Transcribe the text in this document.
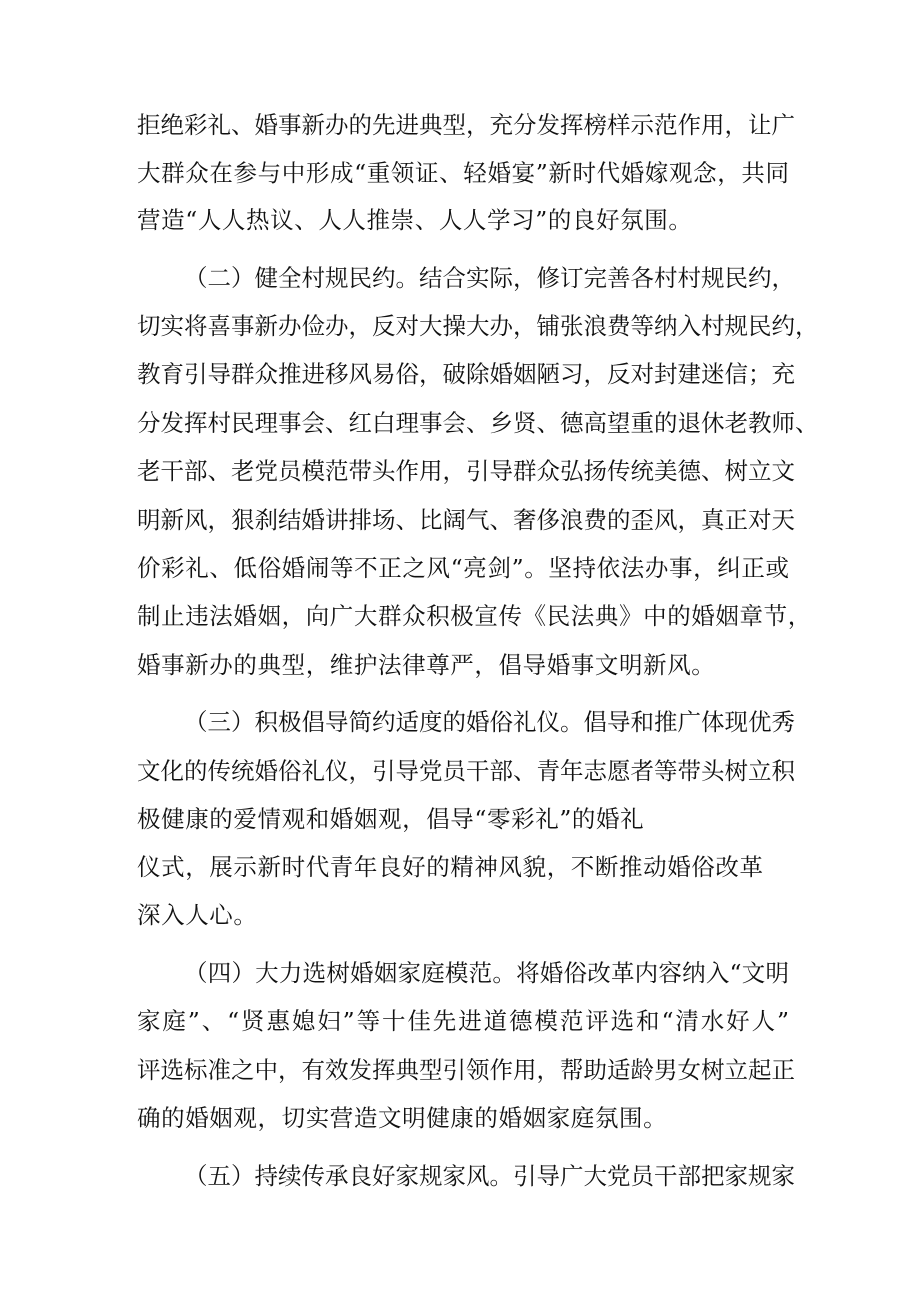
拒绝彩礼、婚事新办的先进典型，充分发挥榜样示范作用，让广
大群众在参与中形成“重领证、轻婚宴”新时代婚嫁观念，共同
营造“人人热议、人人推崇、人人学习”的良好氛围。
（二）健全村规民约。结合实际，修订完善各村村规民约，
切实将喜事新办俭办，反对大操大办，铺张浪费等纳入村规民约，
教育引导群众推进移风易俗，破除婚姻陋习，反对封建迷信；充
分发挥村民理事会、红白理事会、乡贤、德高望重的退休老教师、
老干部、老党员模范带头作用，引导群众弘扬传统美德、树立文
明新风，狠刹结婚讲排场、比阔气、奢侈浪费的歪风，真正对天
价彩礼、低俗婚闹等不正之风“亮剑”。坚持依法办事，纠正或
制止违法婚姻，向广大群众积极宣传《民法典》中的婚姻章节，
婚事新办的典型，维护法律尊严，倡导婚事文明新风。
（三）积极倡导简约适度的婚俗礼仪。倡导和推广体现优秀
文化的传统婚俗礼仪，引导党员干部、青年志愿者等带头树立积
极健康的爱情观和婚姻观，倡导“零彩礼”的婚礼
仪式，展示新时代青年良好的精神风貌，不断推动婚俗改革
深入人心。
（四）大力选树婚姻家庭模范。将婚俗改革内容纳入“文明
家庭”、“贤惠媳妇”等十佳先进道德模范评选和“清水好人”
评选标准之中，有效发挥典型引领作用，帮助适龄男女树立起正
确的婚姻观，切实营造文明健康的婚姻家庭氛围。
（五）持续传承良好家规家风。引导广大党员干部把家规家
